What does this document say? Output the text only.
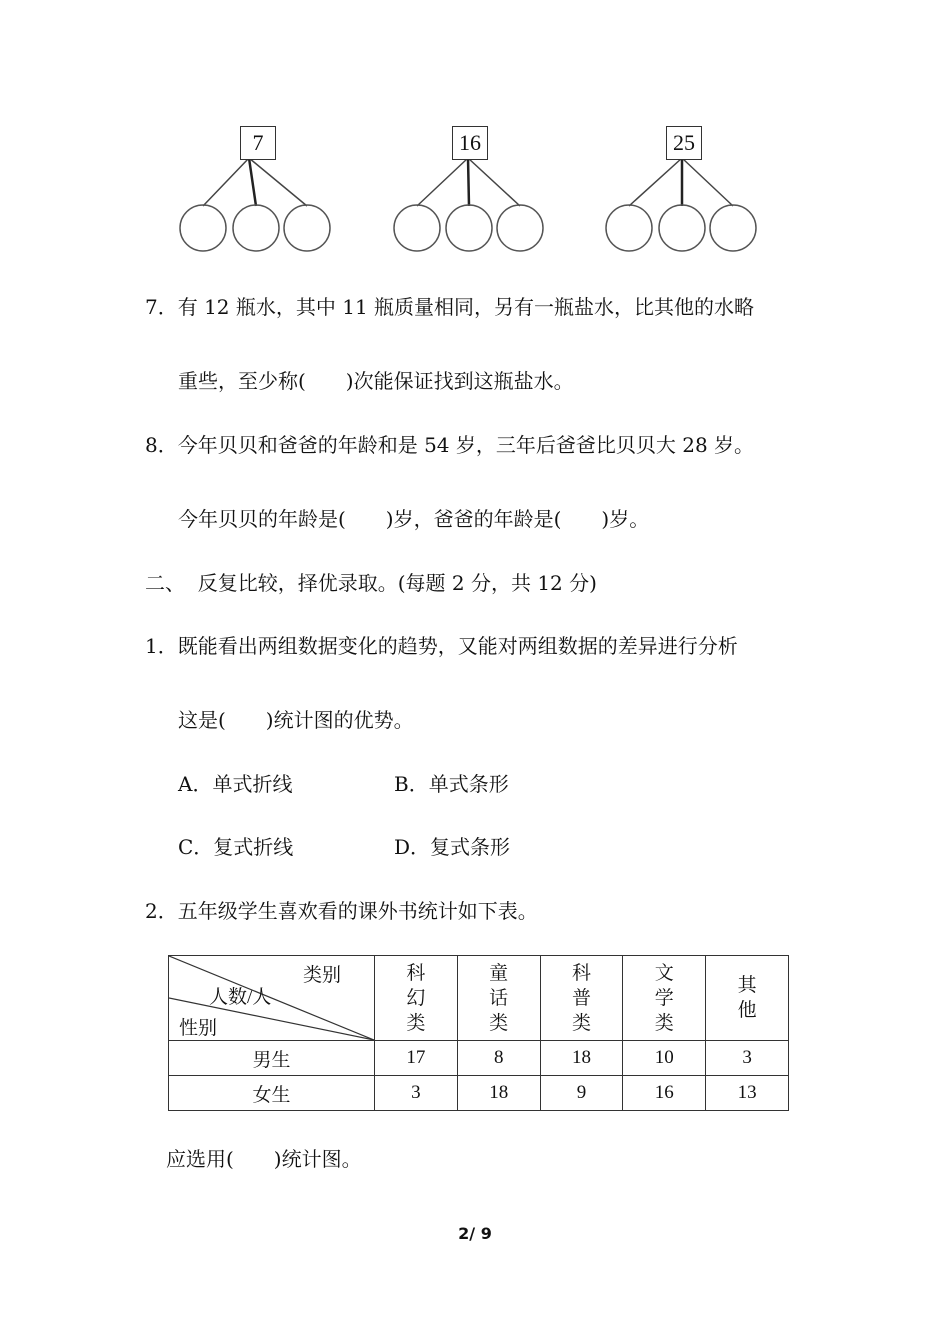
7	16	25
7．有 12 瓶水，其中 11 瓶质量相同，另有一瓶盐水，比其他的水略
重些，至少称(　　)次能保证找到这瓶盐水。
8．今年贝贝和爸爸的年龄和是 54 岁，三年后爸爸比贝贝大 28 岁。
今年贝贝的年龄是(　　)岁，爸爸的年龄是(　　)岁。
二、  反复比较，择优录取。(每题 2 分，共 12 分)
1．既能看出两组数据变化的趋势，又能对两组数据的差异进行分析
这是(　　)统计图的优势。
A．单式折线	B．单式条形
C．复式折线	D．复式条形
2．五年级学生喜欢看的课外书统计如下表。
类别
人数/人
性别	科幻类	童话类	科普类	文学类	其他
男生	17	8	18	10	3
女生	3	18	9	16	13
应选用(　　)统计图。
2/ 9
